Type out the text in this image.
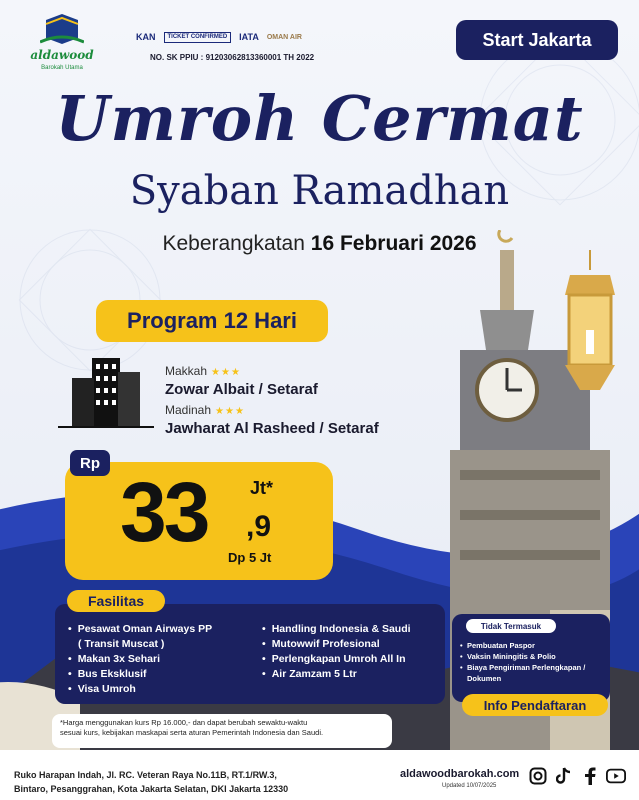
aldawood
Barokah Utama
KAN	TICKET CONFIRMED	IATA OMAN AIR
NO. SK PPIU : 91203062813360001 TH 2022
Start Jakarta
Umroh Cermat
Syaban Ramadhan
Keberangkatan 16 Februari 2026
Program 12 Hari
Makkah ★★★
Zowar Albait / Setaraf
Madinah ★★★
Jawharat Al Rasheed / Setaraf
Rp
33 Jt*
,9
Dp 5 Jt
Fasilitas
• Pesawat Oman Airways PP
( Transit Muscat )
• Makan 3x Sehari
• Bus Eksklusif
• Visa Umroh
• Handling Indonesia & Saudi
• Mutowwif Profesional
• Perlengkapan Umroh All In
• Air Zamzam 5 Ltr
Tidak Termasuk
• Pembuatan Paspor
• Vaksin Miningitis & Polio
• Biaya Pengiriman Perlengkapan /
Dokumen
Info Pendaftaran
*Harga menggunakan kurs Rp 16.000,- dan dapat berubah sewaktu-waktu
sesuai kurs, kebijakan maskapai serta aturan Pemerintah Indonesia dan Saudi.
Ruko Harapan Indah, Jl. RC. Veteran Raya No.11B, RT.1/RW.3,
Bintaro, Pesanggrahan, Kota Jakarta Selatan, DKI Jakarta 12330
aldawoodbarokah.com
Updated 10/07/2025
